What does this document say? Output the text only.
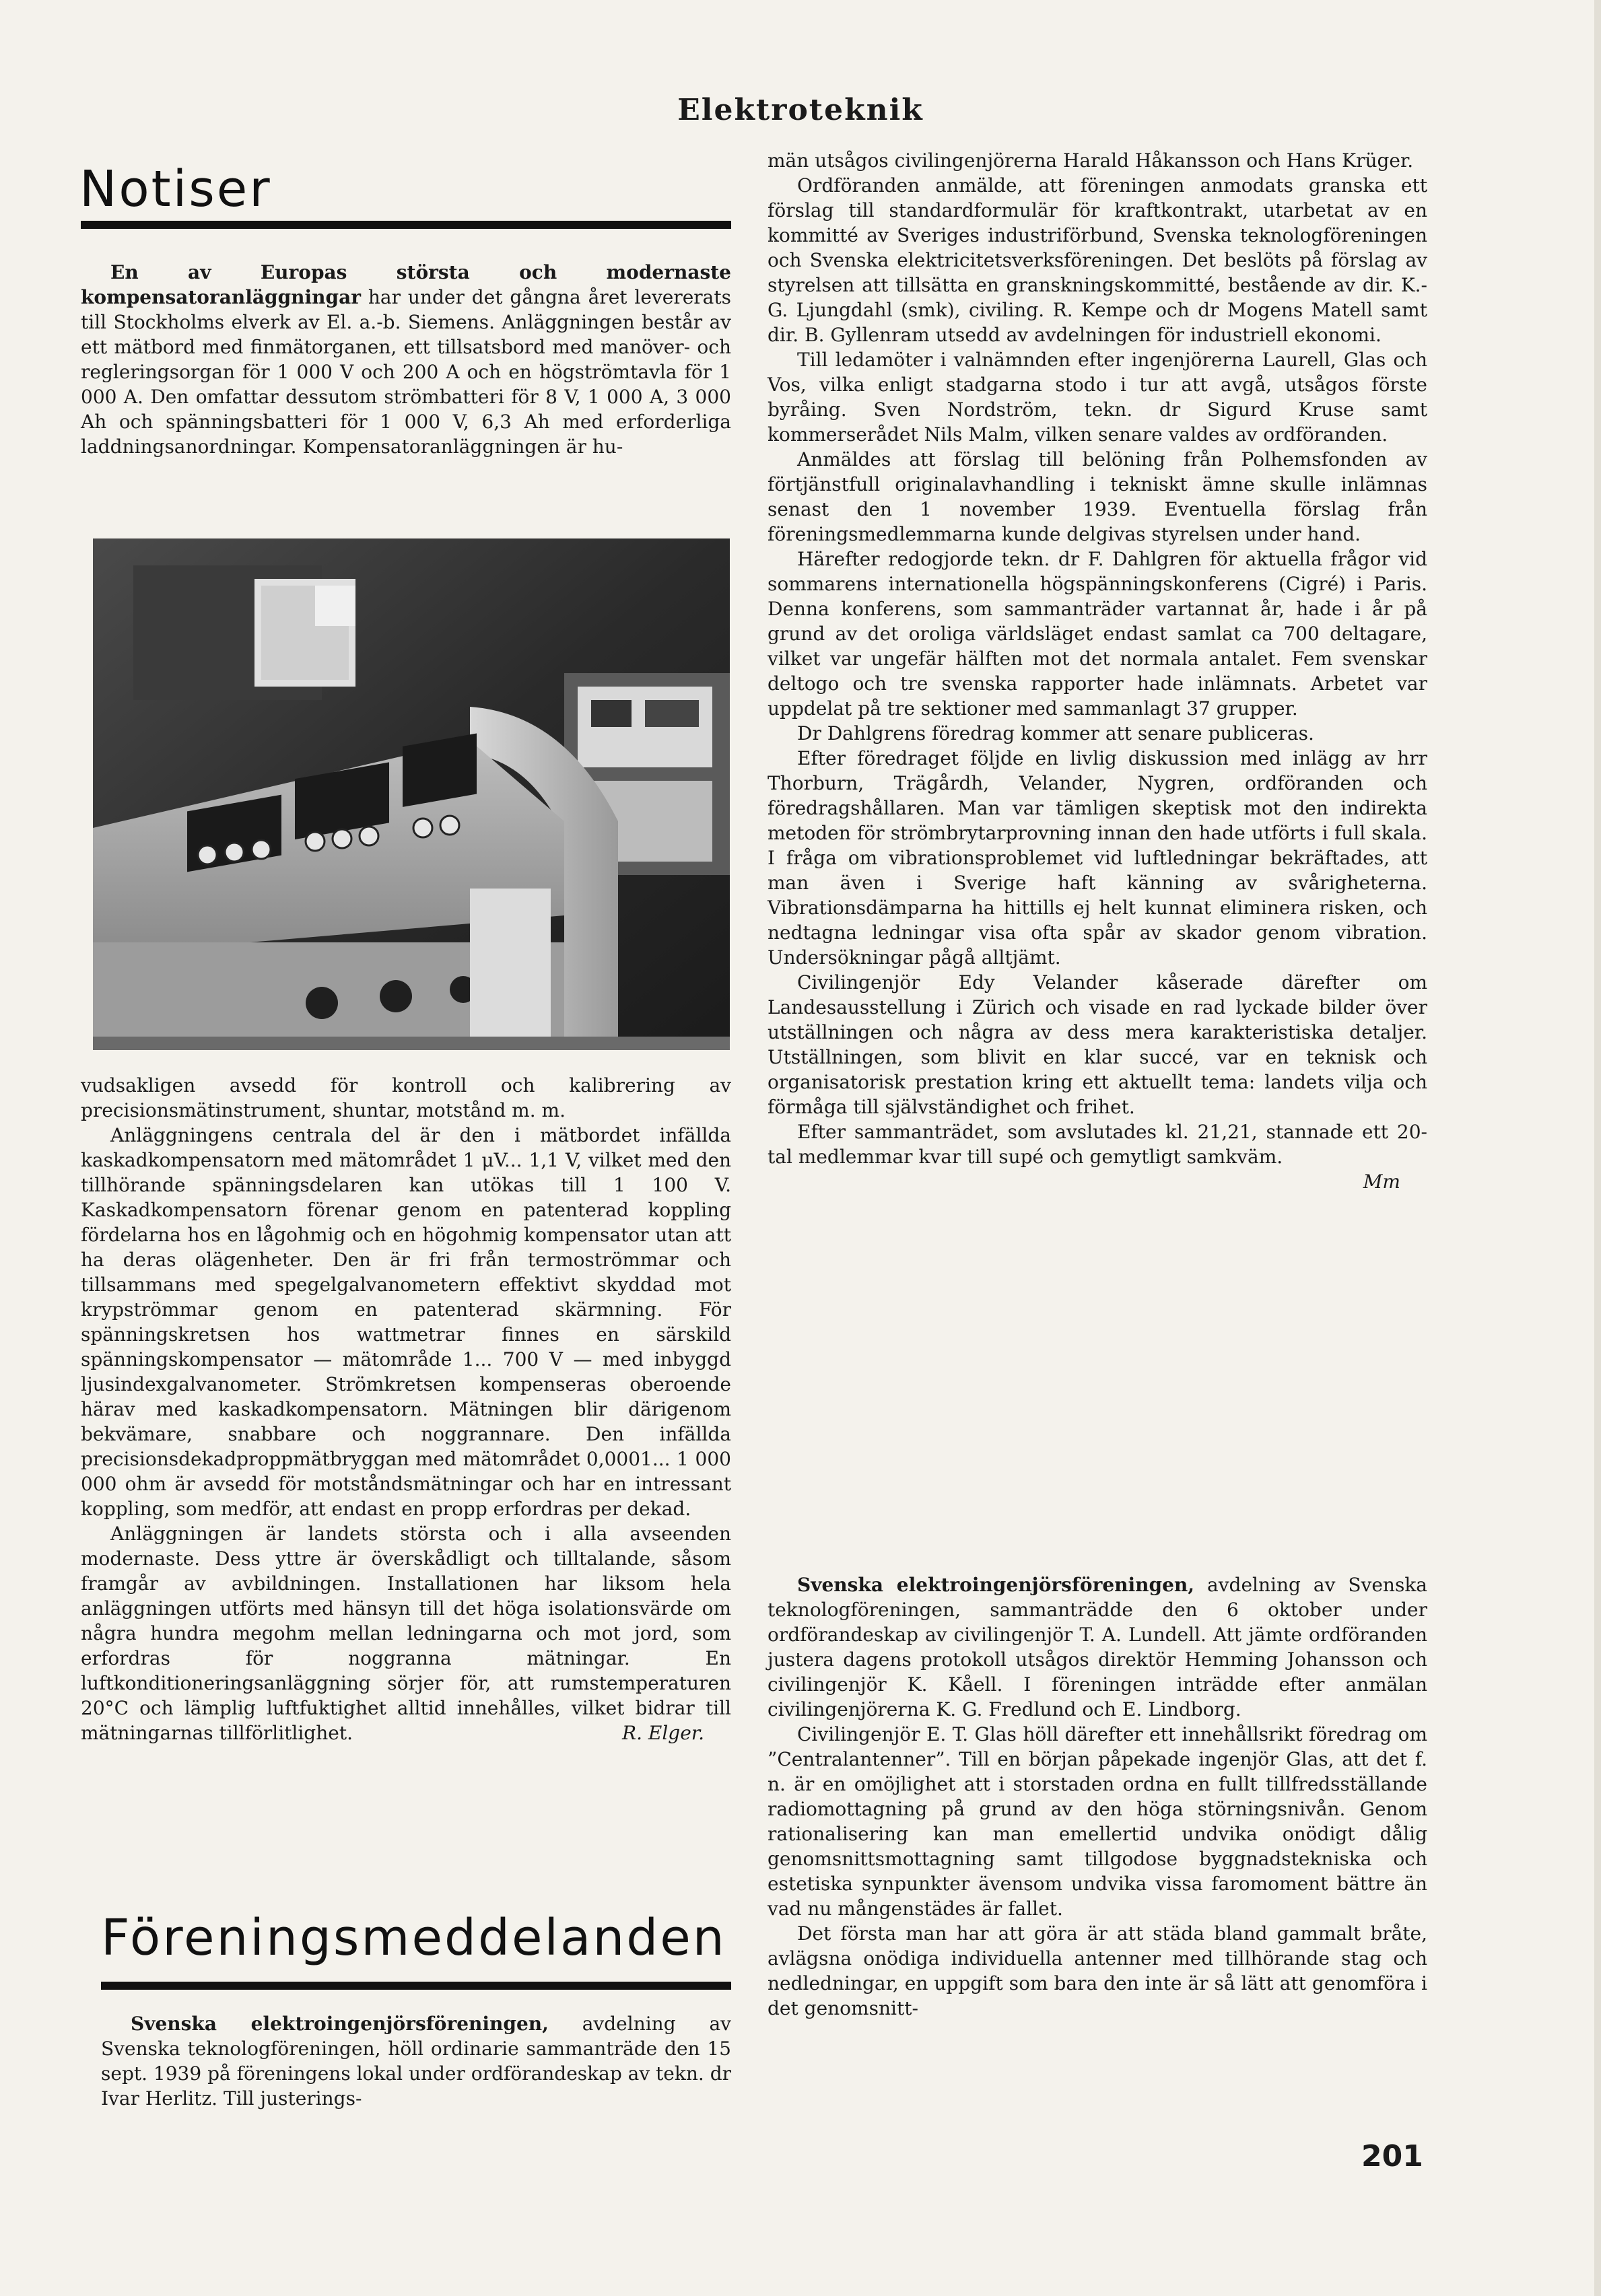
Elektroteknik
Notiser

En av Europas största och modernaste kompensatoranläggningar har under det gångna året levererats till Stockholms elverk av El. a.-b. Siemens. Anläggningen består av ett mätbord med finmätorganen, ett tillsatsbord med manöver- och regleringsorgan för 1 000 V och 200 A och en högströmtavla för 1 000 A. Den omfattar dessutom strömbatteri för 8 V, 1 000 A, 3 000 Ah och spänningsbatteri för 1 000 V, 6,3 Ah med erforderliga laddningsanordningar. Kompensatoranläggningen är hu-

vudsakligen avsedd för kontroll och kalibrering av precisionsmätinstrument, shuntar, motstånd m. m.

Anläggningens centrala del är den i mätbordet infällda kaskadkompensatorn med mätområdet 1 μV... 1,1 V, vilket med den tillhörande spänningsdelaren kan utökas till 1 100 V. Kaskadkompensatorn förenar genom en patenterad koppling fördelarna hos en lågohmig och en högohmig kompensator utan att ha deras olägenheter. Den är fri från termoströmmar och tillsammans med spegelgalvanometern effektivt skyddad mot krypströmmar genom en patenterad skärmning. För spänningskretsen hos wattmetrar finnes en särskild spänningskompensator — mätområde 1... 700 V — med inbyggd ljusindexgalvanometer. Strömkretsen kompenseras oberoende härav med kaskadkompensatorn. Mätningen blir därigenom bekvämare, snabbare och noggrannare. Den infällda precisionsdekadproppmätbryggan med mätområdet 0,0001... 1 000 000 ohm är avsedd för motståndsmätningar och har en intressant koppling, som medför, att endast en propp erfordras per dekad.

Anläggningen är landets största och i alla avseenden modernaste. Dess yttre är överskådligt och tilltalande, såsom framgår av avbildningen. Installationen har liksom hela anläggningen utförts med hänsyn till det höga isolationsvärde om några hundra megohm mellan ledningarna och mot jord, som erfordras för noggranna mätningar. En luftkonditioneringsanläggning sörjer för, att rumstemperaturen 20°C och lämplig luftfuktighet alltid innehålles, vilket bidrar till mätningarnas tillförlitlighet.	R. Elger.

Föreningsmeddelanden

Svenska elektroingenjörsföreningen, avdelning av Svenska teknologföreningen, höll ordinarie sammanträde den 15 sept. 1939 på föreningens lokal under ordförandeskap av tekn. dr Ivar Herlitz. Till justerings-

män utsågos civilingenjörerna Harald Håkansson och Hans Krüger.

Ordföranden anmälde, att föreningen anmodats granska ett förslag till standardformulär för kraftkontrakt, utarbetat av en kommitté av Sveriges industriförbund, Svenska teknologföreningen och Svenska elektricitetsverksföreningen. Det beslöts på förslag av styrelsen att tillsätta en granskningskommitté, bestående av dir. K.-G. Ljungdahl (smk), civiling. R. Kempe och dr Mogens Matell samt dir. B. Gyllenram utsedd av avdelningen för industriell ekonomi.

Till ledamöter i valnämnden efter ingenjörerna Laurell, Glas och Vos, vilka enligt stadgarna stodo i tur att avgå, utsågos förste byråing. Sven Nordström, tekn. dr Sigurd Kruse samt kommerserådet Nils Malm, vilken senare valdes av ordföranden.

Anmäldes att förslag till belöning från Polhemsfonden av förtjänstfull originalavhandling i tekniskt ämne skulle inlämnas senast den 1 november 1939. Eventuella förslag från föreningsmedlemmarna kunde delgivas styrelsen under hand.

Härefter redogjorde tekn. dr F. Dahlgren för aktuella frågor vid sommarens internationella högspänningskonferens (Cigré) i Paris. Denna konferens, som sammanträder vartannat år, hade i år på grund av det oroliga världsläget endast samlat ca 700 deltagare, vilket var ungefär hälften mot det normala antalet. Fem svenskar deltogo och tre svenska rapporter hade inlämnats. Arbetet var uppdelat på tre sektioner med sammanlagt 37 grupper.

Dr Dahlgrens föredrag kommer att senare publiceras.

Efter föredraget följde en livlig diskussion med inlägg av hrr Thorburn, Trägårdh, Velander, Nygren, ordföranden och föredragshållaren. Man var tämligen skeptisk mot den indirekta metoden för strömbrytarprovning innan den hade utförts i full skala. I fråga om vibrationsproblemet vid luftledningar bekräftades, att man även i Sverige haft känning av svårigheterna. Vibrationsdämparna ha hittills ej helt kunnat eliminera risken, och nedtagna ledningar visa ofta spår av skador genom vibration. Undersökningar pågå alltjämt.

Civilingenjör Edy Velander kåserade därefter om Landesausstellung i Zürich och visade en rad lyckade bilder över utställningen och några av dess mera karakteristiska detaljer. Utställningen, som blivit en klar succé, var en teknisk och organisatorisk prestation kring ett aktuellt tema: landets vilja och förmåga till självständighet och frihet.

Efter sammanträdet, som avslutades kl. 21,21, stannade ett 20-tal medlemmar kvar till supé och gemytligt samkväm.

Mm

Svenska elektroingenjörsföreningen, avdelning av Svenska teknologföreningen, sammanträdde den 6 oktober under ordförandeskap av civilingenjör T. A. Lundell. Att jämte ordföranden justera dagens protokoll utsågos direktör Hemming Johansson och civilingenjör K. Kåell. I föreningen inträdde efter anmälan civilingenjörerna K. G. Fredlund och E. Lindborg.

Civilingenjör E. T. Glas höll därefter ett innehållsrikt föredrag om ”Centralantenner”. Till en början påpekade ingenjör Glas, att det f. n. är en omöjlighet att i storstaden ordna en fullt tillfredsställande radiomottagning på grund av den höga störningsnivån. Genom rationalisering kan man emellertid undvika onödigt dålig genomsnittsmottagning samt tillgodose byggnadstekniska och estetiska synpunkter ävensom undvika vissa faromoment bättre än vad nu mångenstädes är fallet.

Det första man har att göra är att städa bland gammalt bråte, avlägsna onödiga individuella antenner med tillhörande stag och nedledningar, en uppgift som bara den inte är så lätt att genomföra i det genomsnitt-

201
